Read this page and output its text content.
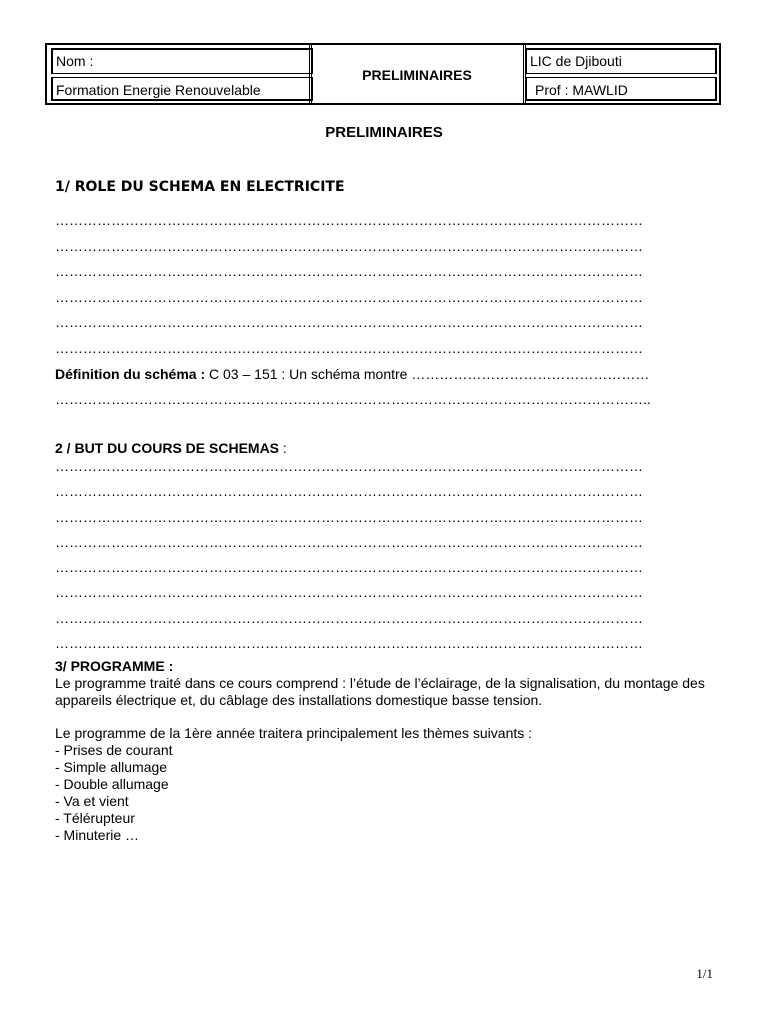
Nom :
Formation Energie Renouvelable
PRELIMINAIRES
LIC de Djibouti
Prof : MAWLID
PRELIMINAIRES
1/ ROLE DU SCHEMA EN ELECTRICITE
………………………………………………………………………………………………………………
………………………………………………………………………………………………………………
………………………………………………………………………………………………………………
………………………………………………………………………………………………………………
………………………………………………………………………………………………………………
………………………………………………………………………………………………………………
Définition du schéma : C 03 – 151 : Un schéma montre ……………………………………………
………………………………………………………………………………………………………………..
2 / BUT DU COURS DE SCHEMAS :
………………………………………………………………………………………………………………
………………………………………………………………………………………………………………
………………………………………………………………………………………………………………
………………………………………………………………………………………………………………
………………………………………………………………………………………………………………
………………………………………………………………………………………………………………
………………………………………………………………………………………………………………
………………………………………………………………………………………………………………
3/ PROGRAMME :
Le programme traité dans ce cours comprend : l’étude de l’éclairage, de la signalisation, du montage des appareils électrique et, du câblage des installations domestique basse tension.
Le programme de la 1ère année traitera principalement les thèmes suivants :
- Prises de courant
- Simple allumage
- Double allumage
- Va et vient
- Télérupteur
- Minuterie …
1/1
